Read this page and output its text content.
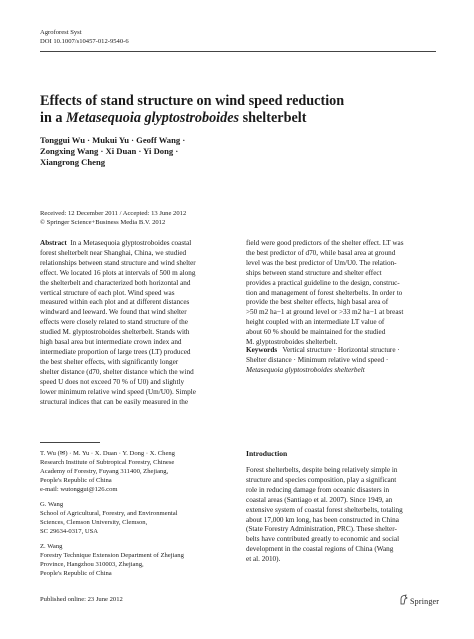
Agroforest Syst
DOI 10.1007/s10457-012-9540-6
Effects of stand structure on wind speed reduction
in a Metasequoia glyptostroboides shelterbelt
Tonggui Wu · Mukui Yu · Geoff Wang ·
Zongxing Wang · Xi Duan · Yi Dong ·
Xiangrong Cheng
Received: 12 December 2011 / Accepted: 13 June 2012
© Springer Science+Business Media B.V. 2012
Abstract In a Metasequoia glyptostroboides coastal
forest shelterbelt near Shanghai, China, we studied
relationships between stand structure and wind shelter
effect. We located 16 plots at intervals of 500 m along
the shelterbelt and characterized both horizontal and
vertical structure of each plot. Wind speed was
measured within each plot and at different distances
windward and leeward. We found that wind shelter
effects were closely related to stand structure of the
studied M. glyptostroboides shelterbelt. Stands with
high basal area but intermediate crown index and
intermediate proportion of large trees (LT) produced
the best shelter effects, with significantly longer
shelter distance (d70, shelter distance which the wind
speed U does not exceed 70 % of U0) and slightly
lower minimum relative wind speed (Um/U0). Simple
structural indices that can be easily measured in the
field were good predictors of the shelter effect. LT was
the best predictor of d70, while basal area at ground
level was the best predictor of Um/U0. The relation-
ships between stand structure and shelter effect
provides a practical guideline to the design, construc-
tion and management of forest shelterbelts. In order to
provide the best shelter effects, high basal area of
>50 m2 ha−1 at ground level or >33 m2 ha−1 at breast
height coupled with an intermediate LT value of
about 60 % should be maintained for the studied
M. glyptostroboides shelterbelt.
Keywords Vertical structure · Horizontal structure ·
Shelter distance · Minimum relative wind speed ·
Metasequoia glyptostroboides shelterbelt
T. Wu (✉) · M. Yu · X. Duan · Y. Dong · X. Cheng
Research Institute of Subtropical Forestry, Chinese
Academy of Forestry, Fuyang 311400, Zhejiang,
People's Republic of China
e-mail: wutonggui@126.com
G. Wang
School of Agricultural, Forestry, and Environmental
Sciences, Clemson University, Clemson,
SC 29634-0317, USA
Z. Wang
Forestry Technique Extension Department of Zhejiang
Province, Hangzhou 310003, Zhejiang,
People's Republic of China
Introduction
Forest shelterbelts, despite being relatively simple in
structure and species composition, play a significant
role in reducing damage from oceanic disasters in
coastal areas (Santiago et al. 2007). Since 1949, an
extensive system of coastal forest shelterbelts, totaling
about 17,000 km long, has been constructed in China
(State Forestry Administration, PRC). These shelter-
belts have contributed greatly to economic and social
development in the coastal regions of China (Wang
et al. 2010).
Published online: 23 June 2012	Springer
